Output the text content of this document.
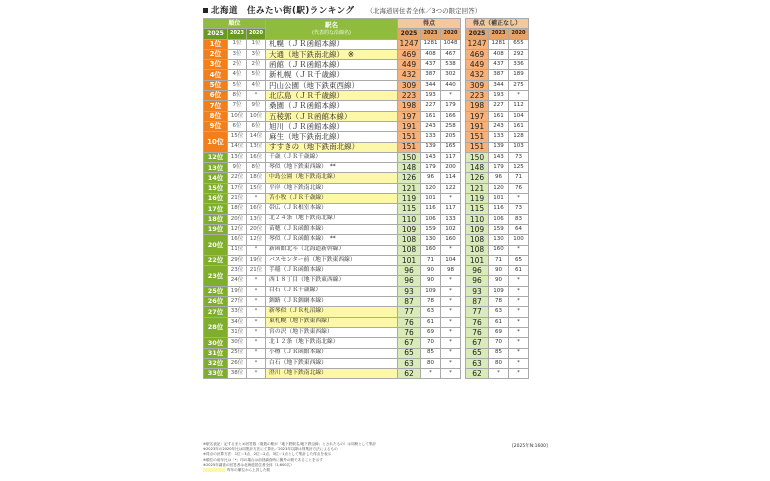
北海道　住みたい街(駅)ランキング （北海道居住者全体／3つの限定回答）
順位			駅名
(代表的な沿線名)	得点				得点（補正なし）		
2025	2023	2020		2025	2023	2020		2025	2023	2020
1位	1位	1位	札幌（ＪＲ函館本線）	1247	1281	1048		1247	1281	655
2位	3位	3位	大通（地下鉄南北線）　※	469	408	467		469	408	292
3位	2位	2位	函館（ＪＲ函館本線）	449	437	538		449	437	336
4位	4位	5位	新札幌（ＪＲ千歳線）	432	387	302		432	387	189
5位	5位	4位	円山公園（地下鉄東西線）	309	344	440		309	344	275
6位	8位	*	北広島（ＪＲ千歳線）	223	193	*		223	193	*
7位	7位	9位	桑園（ＪＲ函館本線）	198	227	179		198	227	112
8位	10位	10位	五稜郭（ＪＲ函館本線）	197	161	166		197	161	104
9位	6位	6位	旭川（ＪＲ函館本線）	191	243	258		191	243	161
10位	15位	14位	麻生（地下鉄南北線）	151	133	205		151	133	128
	14位	13位	すすきの（地下鉄南北線）	151	139	165		151	139	103
12位	13位	16位	千歳（ＪＲ千歳線）	150	143	117		150	143	73
13位	9位	8位	琴似（地下鉄東西線）　**	148	179	200		148	179	125
14位	22位	18位	中島公園（地下鉄南北線）	126	96	114		126	96	71
15位	17位	15位	平岸（地下鉄南北線）	121	120	122		121	120	76
16位	21位	*	苫小牧（ＪＲ千歳線）	119	101	*		119	101	*
17位	18位	16位	帯広（ＪＲ根室本線）	115	116	117		115	116	73
18位	20位	13位	北２４条（地下鉄南北線）	110	106	133		110	106	83
19位	12位	20位	苗穂（ＪＲ函館本線）	109	159	102		109	159	64
20位	16位	12位	琴似（ＪＲ函館本線）　**	108	130	160		108	130	100
	11位	*	新函館北斗（北海道新幹線）	108	160	*		108	160	*
22位	29位	19位	バスセンター前（地下鉄東西線）	101	71	104		101	71	65
23位	23位	21位	手稲（ＪＲ函館本線）	96	90	98		96	90	61
	24位	*	西１８丁目（地下鉄東西線）	96	90	*		96	90	*
25位	19位	*	白石（ＪＲ千歳線）	93	109	*		93	109	*
26位	27位	*	釧路（ＪＲ釧網本線）	87	78	*		87	78	*
27位	33位	*	新琴似（ＪＲ札沼線）	77	63	*		77	63	*
28位	34位	*	東札幌（地下鉄東西線）	76	61	*		76	61	*
	31位	*	宮の沢（地下鉄東西線）	76	69	*		76	69	*
30位	30位	*	北１２条（地下鉄南北線）	67	70	*		67	70	*
31位	25位	*	小樽（ＪＲ函館本線）	65	85	*		65	85	*
32位	26位	*	白石（地下鉄東西線）	63	80	*		63	80	*
33位	38位	*	澄川（地下鉄南北線）	62	*	*		62	*	*
[2025年N:1600]
※駅名表記：記するまとめ回答数（複数の駅が「地下鉄駅名/地下鉄沿線」とされたもの）は同駅として集計
※2023年の2020年比は同集計方法にて算出／2023年以降は別集計方法によるもの
※得点の計算方法：1位＝3点、2位＝2点、3位＝1点として集計した得点を表示
※順位の前年比は「*」印の場合は前回調査時に圏外の駅であることを示す
※2025年調査の回答者は北海道居住者全体（1,600名）
昨年の順位から上昇した駅
